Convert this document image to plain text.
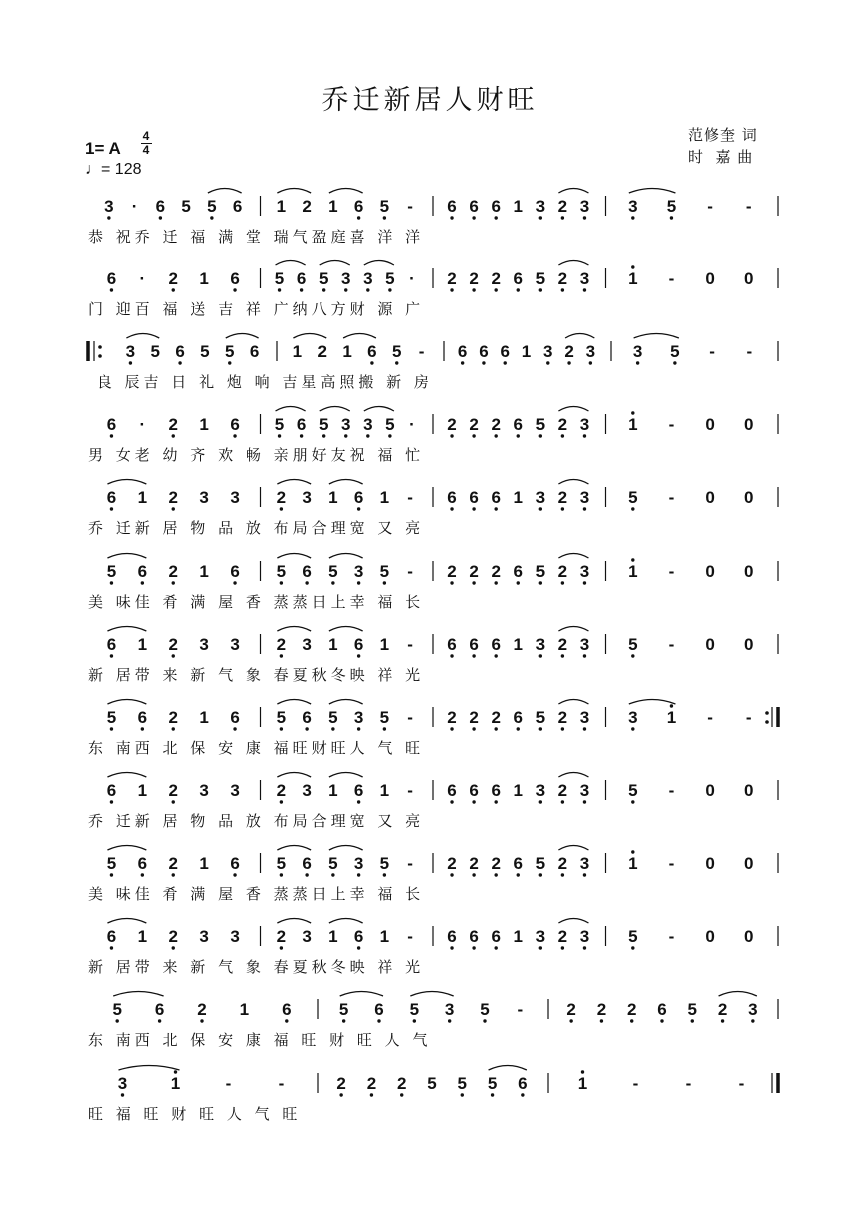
乔迁新居人财旺
1= A
4
4
♩= 128
范修奎 词
时  嘉 曲
3 · 6 5 5 6 1 2 1 6 5 - 6 6 6 1 3 2 3 3 5 - -
恭 祝乔 迁 福 满 堂 瑞气盈庭喜 洋 洋
6 · 2 1 6 5 6 5 3 3 5 · 2 2 2 6 5 2 3 1 - 0 0
门 迎百 福 送 吉 祥 广纳八方财 源 广
3 5 6 5 5 6 1 2 1 6 5 - 6 6 6 1 3 2 3 3 5 - -
良 辰吉 日 礼 炮 响 吉星高照搬 新 房
6 · 2 1 6 5 6 5 3 3 5 · 2 2 2 6 5 2 3 1 - 0 0
男 女老 幼 齐 欢 畅 亲朋好友祝 福 忙
6 1 2 3 3 2 3 1 6 1 - 6 6 6 1 3 2 3 5 - 0 0
乔 迁新 居 物 品 放 布局合理宽 又 亮
5 6 2 1 6 5 6 5 3 5 - 2 2 2 6 5 2 3 1 - 0 0
美 味佳 肴 满 屋 香 蒸蒸日上幸 福 长
6 1 2 3 3 2 3 1 6 1 - 6 6 6 1 3 2 3 5 - 0 0
新 居带 来 新 气 象 春夏秋冬映 祥 光
5 6 2 1 6 5 6 5 3 5 - 2 2 2 6 5 2 3 3 1 - -
东 南西 北 保 安 康 福旺财旺人 气 旺
6 1 2 3 3 2 3 1 6 1 - 6 6 6 1 3 2 3 5 - 0 0
乔 迁新 居 物 品 放 布局合理宽 又 亮
5 6 2 1 6 5 6 5 3 5 - 2 2 2 6 5 2 3 1 - 0 0
美 味佳 肴 满 屋 香 蒸蒸日上幸 福 长
6 1 2 3 3 2 3 1 6 1 - 6 6 6 1 3 2 3 5 - 0 0
新 居带 来 新 气 象 春夏秋冬映 祥 光
5 6 2 1 6	5 6 5 3 5 -	2 2 2 6 5 2 3
东 南西 北 保 安 康 福 旺 财 旺 人 气
3	1	-	-	2 2 2 5 5 5 6	1	-	-	-
旺 福 旺 财 旺 人 气 旺
